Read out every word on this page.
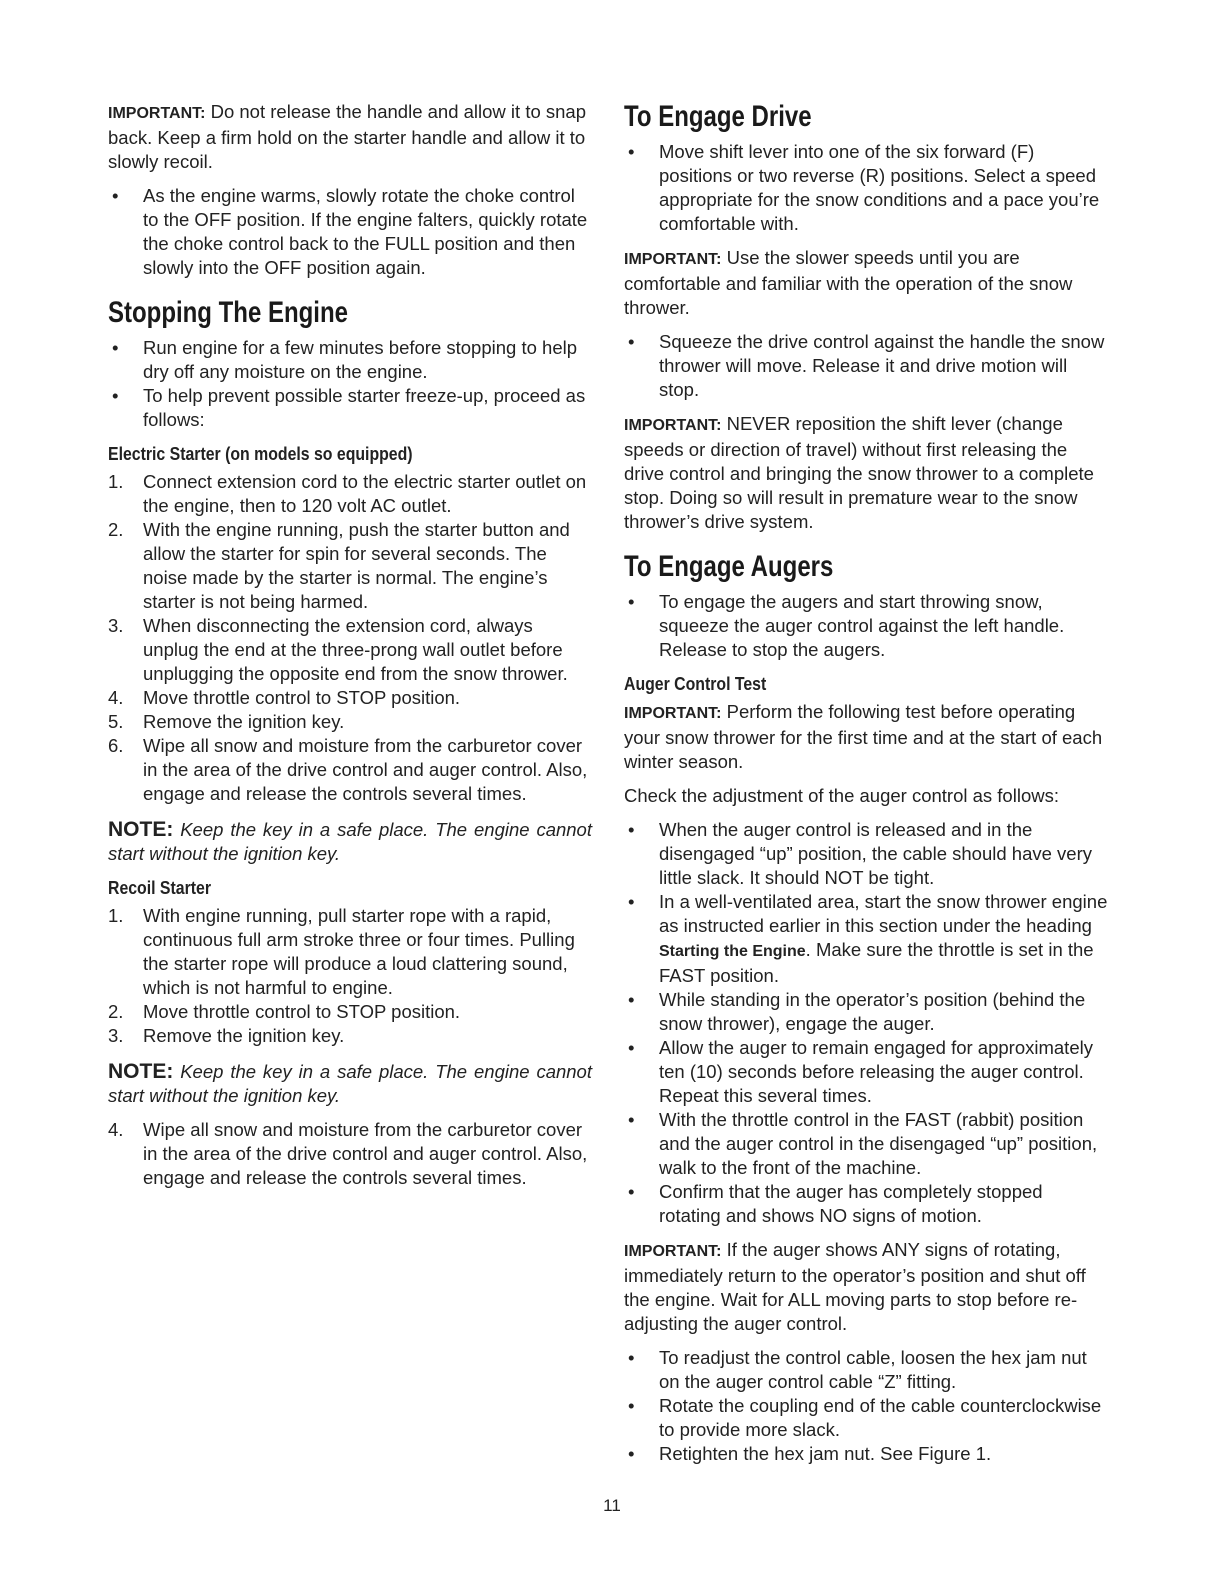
IMPORTANT: Do not release the handle and allow it to snap back. Keep a firm hold on the starter handle and allow it to slowly recoil.

• As the engine warms, slowly rotate the choke control to the OFF position. If the engine falters, quickly rotate the choke control back to the FULL position and then slowly into the OFF position again.
Stopping The Engine
• Run engine for a few minutes before stopping to help dry off any moisture on the engine.
• To help prevent possible starter freeze-up, proceed as follows:
Electric Starter (on models so equipped)
1. Connect extension cord to the electric starter outlet on the engine, then to 120 volt AC outlet.
2. With the engine running, push the starter button and allow the starter for spin for several seconds. The noise made by the starter is normal. The engine’s starter is not being harmed.
3. When disconnecting the extension cord, always unplug the end at the three-prong wall outlet before unplugging the opposite end from the snow thrower.
4. Move throttle control to STOP position.
5. Remove the ignition key.
6. Wipe all snow and moisture from the carburetor cover in the area of the drive control and auger control. Also, engage and release the controls several times.

NOTE: Keep the key in a safe place. The engine cannot start without the ignition key.

Recoil Starter
1. With engine running, pull starter rope with a rapid, continuous full arm stroke three or four times. Pulling the starter rope will produce a loud clattering sound, which is not harmful to engine.
2. Move throttle control to STOP position.
3. Remove the ignition key.

NOTE: Keep the key in a safe place. The engine cannot start without the ignition key.

4. Wipe all snow and moisture from the carburetor cover in the area of the drive control and auger control. Also, engage and release the controls several times.
To Engage Drive
• Move shift lever into one of the six forward (F) positions or two reverse (R) positions. Select a speed appropriate for the snow conditions and a pace you’re comfortable with.

IMPORTANT: Use the slower speeds until you are comfortable and familiar with the operation of the snow thrower.

• Squeeze the drive control against the handle the snow thrower will move. Release it and drive motion will stop.

IMPORTANT: NEVER reposition the shift lever (change speeds or direction of travel) without first releasing the drive control and bringing the snow thrower to a complete stop. Doing so will result in premature wear to the snow thrower’s drive system.

To Engage Augers
• To engage the augers and start throwing snow, squeeze the auger control against the left handle. Release to stop the augers.
Auger Control Test

IMPORTANT: Perform the following test before operating your snow thrower for the first time and at the start of each winter season.

Check the adjustment of the auger control as follows:

• When the auger control is released and in the disengaged “up” position, the cable should have very little slack. It should NOT be tight.
• In a well-ventilated area, start the snow thrower engine as instructed earlier in this section under the heading Starting the Engine. Make sure the throttle is set in the FAST position.
• While standing in the operator’s position (behind the snow thrower), engage the auger.
• Allow the auger to remain engaged for approximately ten (10) seconds before releasing the auger control. Repeat this several times.
• With the throttle control in the FAST (rabbit) position and the auger control in the disengaged “up” position, walk to the front of the machine.
• Confirm that the auger has completely stopped rotating and shows NO signs of motion.

IMPORTANT: If the auger shows ANY signs of rotating, immediately return to the operator’s position and shut off the engine. Wait for ALL moving parts to stop before re-adjusting the auger control.

• To readjust the control cable, loosen the hex jam nut on the auger control cable “Z” fitting.
• Rotate the coupling end of the cable counterclockwise to provide more slack.
• Retighten the hex jam nut. See Figure 1.
11
